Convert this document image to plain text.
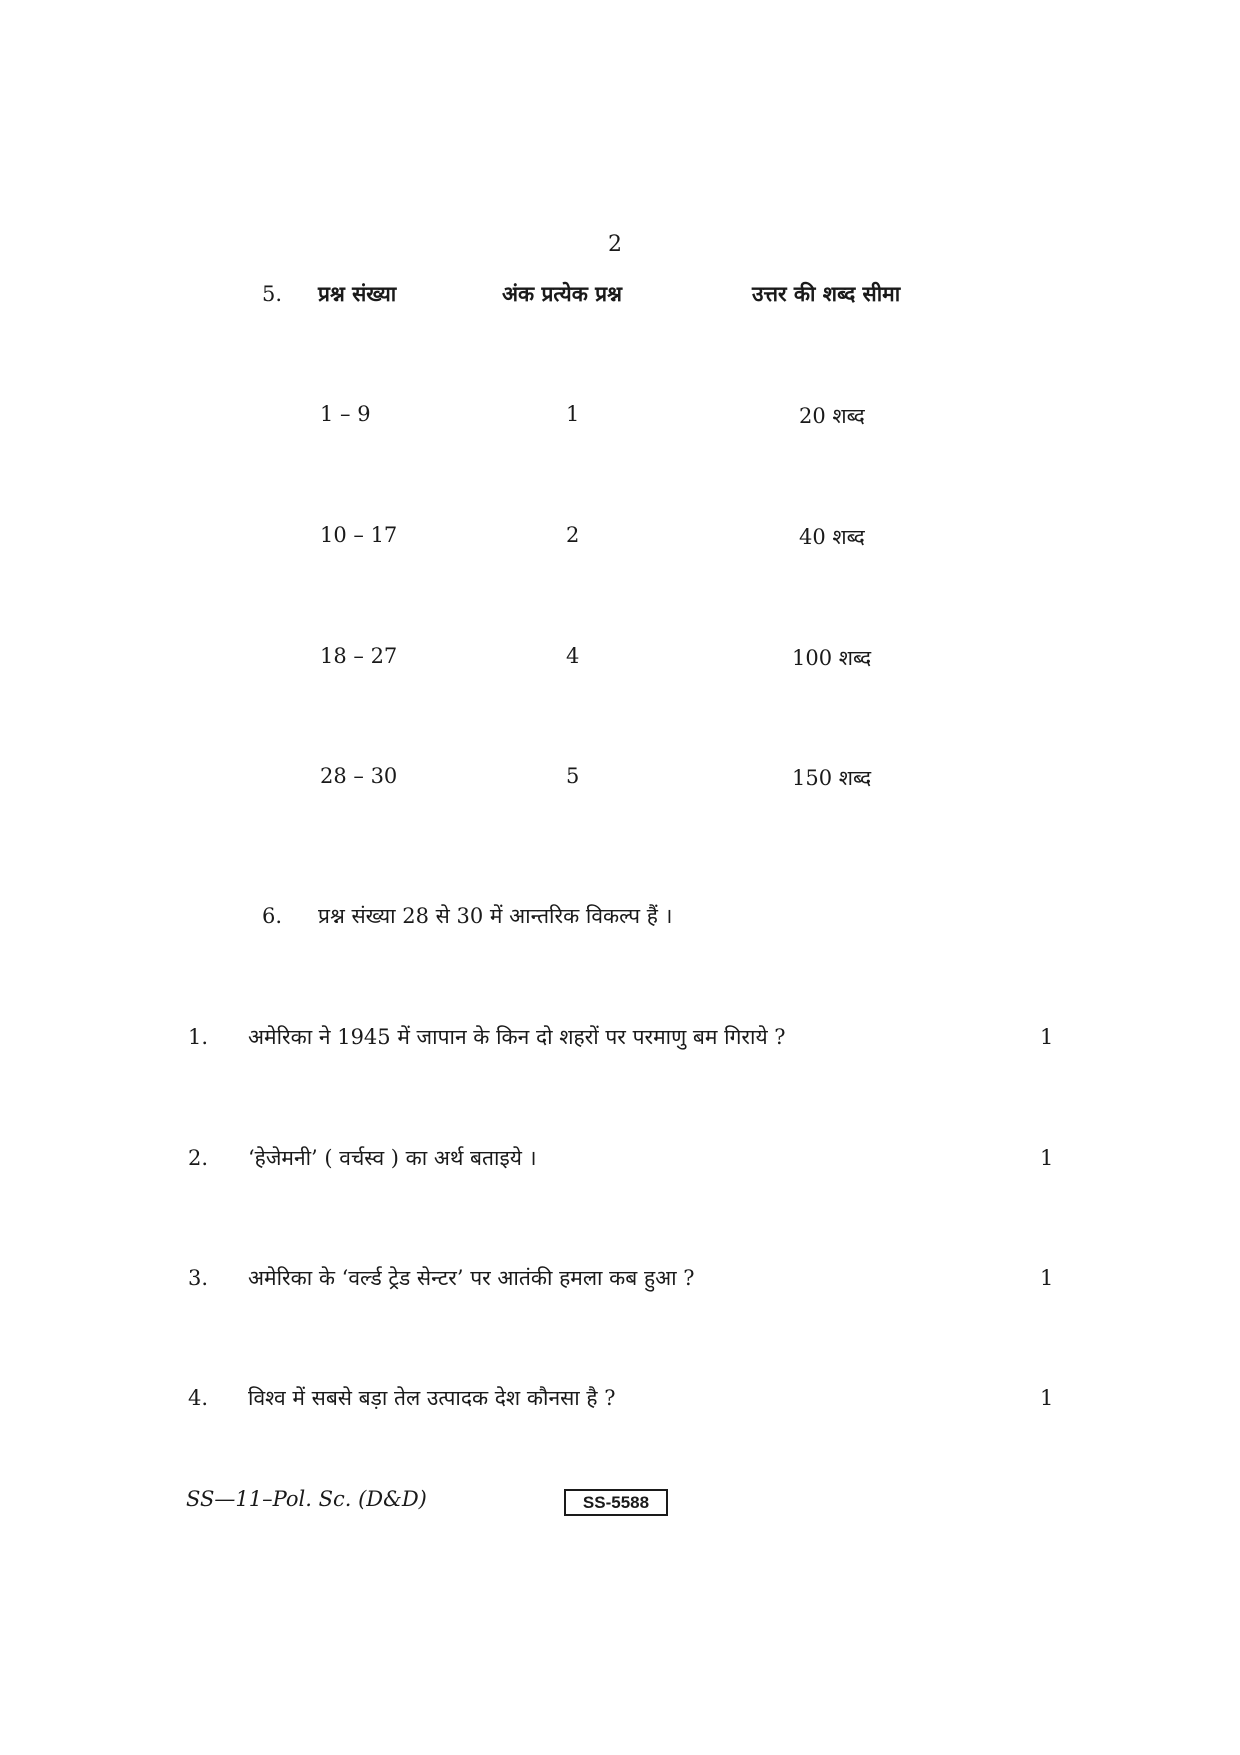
2
5. प्रश्न संख्या	अंक प्रत्येक प्रश्न	उत्तर की शब्द सीमा
1 – 9	1	20 शब्द
10 – 17	2	40 शब्द
18 – 27	4	100 शब्द
28 – 30	5	150 शब्द
6. प्रश्न संख्या 28 से 30 में आन्तरिक विकल्प हैं ।
1. अमेरिका ने 1945 में जापान के किन दो शहरों पर परमाणु बम गिराये ?	1
2. ‘हेजेमनी’ ( वर्चस्व ) का अर्थ बताइये ।	1
3. अमेरिका के ‘वर्ल्ड ट्रेड सेन्टर’ पर आतंकी हमला कब हुआ ?	1
4. विश्व में सबसे बड़ा तेल उत्पादक देश कौनसा है ?	1
SS—11–Pol. Sc. (D&D)	SS-5588
